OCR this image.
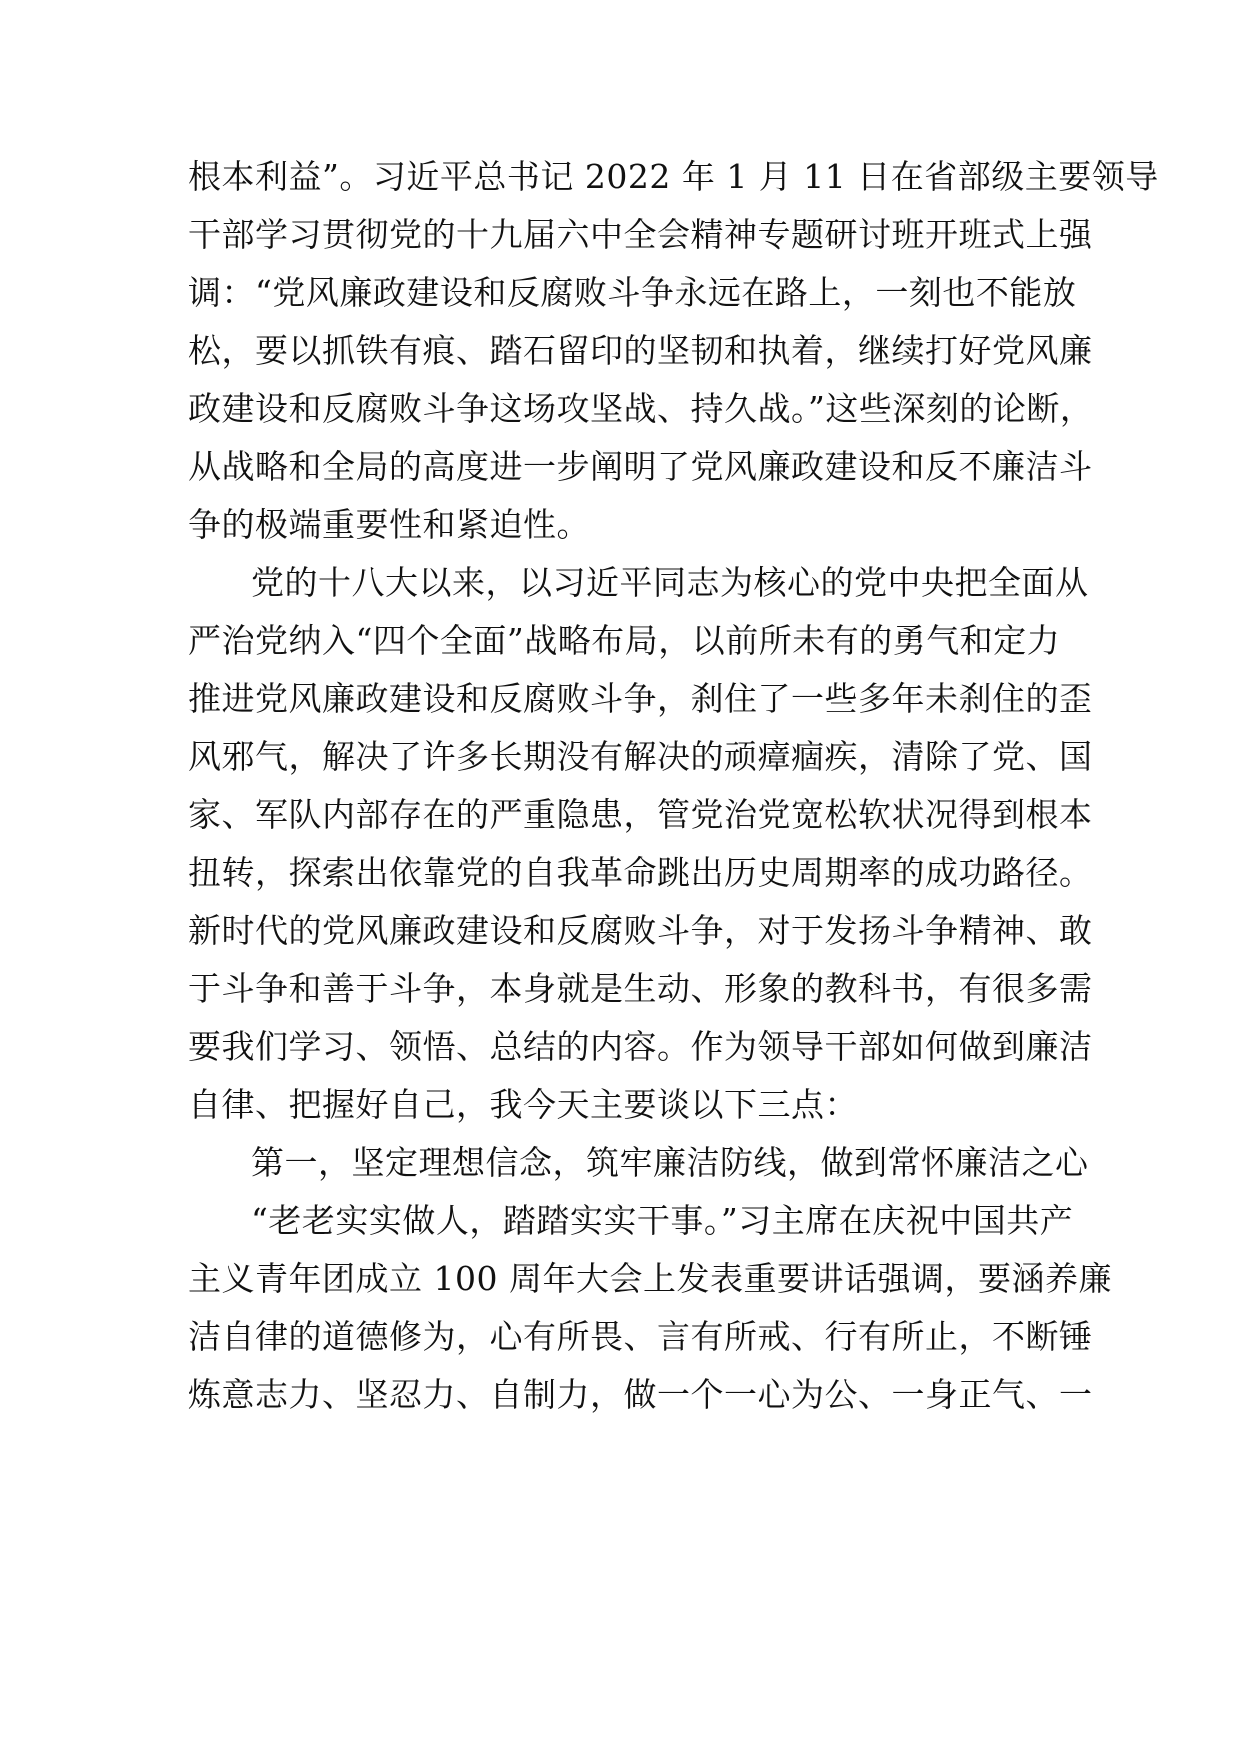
根本利益”。习近平总书记 2022 年 1 月 11 日在省部级主要领导
干部学习贯彻党的十九届六中全会精神专题研讨班开班式上强
调：“党风廉政建设和反腐败斗争永远在路上，一刻也不能放
松，要以抓铁有痕、踏石留印的坚韧和执着，继续打好党风廉
政建设和反腐败斗争这场攻坚战、持久战。”这些深刻的论断，
从战略和全局的高度进一步阐明了党风廉政建设和反不廉洁斗
争的极端重要性和紧迫性。
党的十八大以来，以习近平同志为核心的党中央把全面从
严治党纳入“四个全面”战略布局，以前所未有的勇气和定力
推进党风廉政建设和反腐败斗争，刹住了一些多年未刹住的歪
风邪气，解决了许多长期没有解决的顽瘴痼疾，清除了党、国
家、军队内部存在的严重隐患，管党治党宽松软状况得到根本
扭转，探索出依靠党的自我革命跳出历史周期率的成功路径。
新时代的党风廉政建设和反腐败斗争，对于发扬斗争精神、敢
于斗争和善于斗争，本身就是生动、形象的教科书，有很多需
要我们学习、领悟、总结的内容。作为领导干部如何做到廉洁
自律、把握好自己，我今天主要谈以下三点：
第一，坚定理想信念，筑牢廉洁防线，做到常怀廉洁之心
“老老实实做人，踏踏实实干事。”习主席在庆祝中国共产
主义青年团成立 100 周年大会上发表重要讲话强调，要涵养廉
洁自律的道德修为，心有所畏、言有所戒、行有所止，不断锤
炼意志力、坚忍力、自制力，做一个一心为公、一身正气、一
